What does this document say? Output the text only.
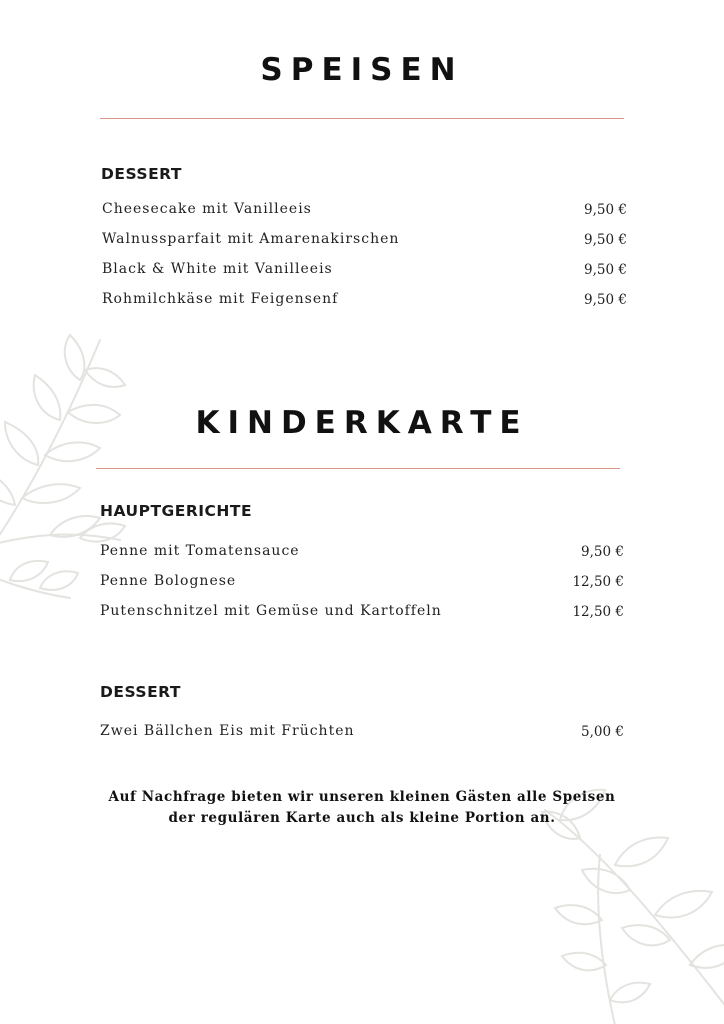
SPEISEN
DESSERT
Cheesecake mit Vanilleeis	9,50 €
Walnussparfait mit Amarenakirschen	9,50 €
Black & White mit Vanilleeis	9,50 €
Rohmilchkäse mit Feigensenf	9,50 €
KINDERKARTE
HAUPTGERICHTE
Penne mit Tomatensauce	9,50 €
Penne Bolognese	12,50 €
Putenschnitzel mit Gemüse und Kartoffeln	12,50 €
DESSERT
Zwei Bällchen Eis mit Früchten	5,00 €

Auf Nachfrage bieten wir unseren kleinen Gästen alle Speisen

der regulären Karte auch als kleine Portion an.
